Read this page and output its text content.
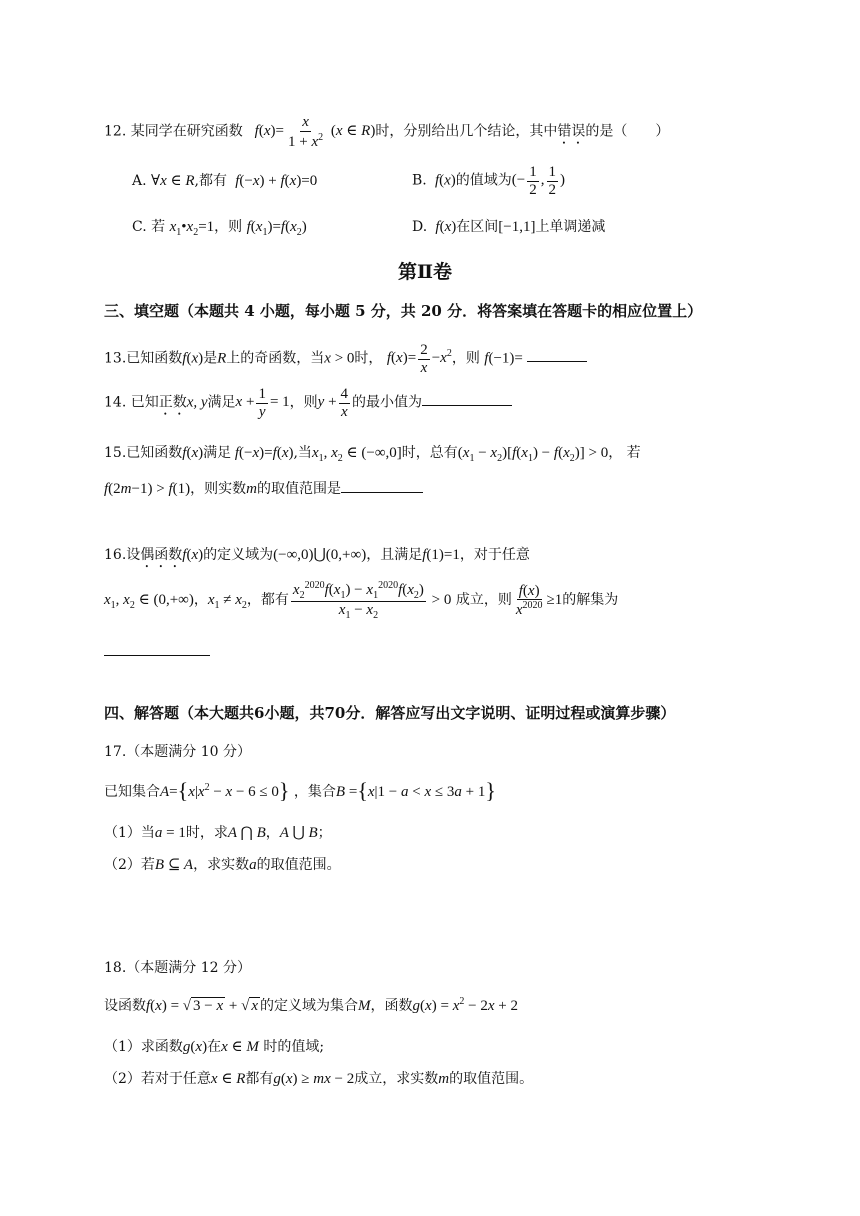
12. 某同学在研究函数   $f(x)= \frac{x}{1 + x^2} (x$ ∈ R)时，分别给出几个结论，其中错误的是（　　）
A. ∀x ∈ R,都有  f(−x) + f(x)=0	B.  f(x)的值域为(− $\frac{1}{2}$ , $\frac{1}{2}$ )
C. 若 $x_1•x_2=1$，则 $f(x_1)=f(x_2)$	D.  f(x)在区间[−1,1]上单调递减
第Ⅱ卷
三、填空题（本题共 4 小题，每小题 5 分，共 20 分．将答案填在答题卡的相应位置上）
13.已知函数f(x)是R上的奇函数，当x > 0时， $f(x)= \frac{2}{x} -x^2$，则 f(−1)=
14. 已知正数x, y满足$x + \frac{1}{y} = 1$，则$y + \frac{4}{x}$ 的最小值为
15.已知函数f(x)满足 f(−x)=f(x),当$x_1$, $x_2$ ∈ (−∞,0]时，总有$(x_1 - x_2)[f(x_1) - f(x_2)] > 0$， 若
f(2m−1) > f(1)，则实数m的取值范围是
16.设偶函数f(x)的定义域为(−∞,0)⋃(0,+∞)，且满足f(1)=1，对于任意
$x_1$, $x_2$ ∈ (0,+∞)，$x_1 \ne x_2$，都有 $\frac{x_2^{2020}f(x_1) - x_1^{2020}f(x_2)}{x_1 - x_2} > 0$ 成立，则 $\frac{f(x)}{x^{2020}} \ge 1$的解集为
四、解答题（本大题共6小题，共70分．解答应写出文字说明、证明过程或演算步骤）
17.（本题满分 10 分）
已知集合$A=\{x|x^2 - x - 6 \le 0\}$ ，集合B ={x|1 − a < x ≤ 3a + 1}
（1）当a = 1时，求A ⋂ B，A ⋃ B；
（2）若B ⊆ A，求实数a的取值范围。
18.（本题满分 12 分）
设函数f(x) = √ 3 − x + √ x 的定义域为集合M，函数$g(x) = x^2 - 2x + 2$
（1）求函数g(x)在x ∈ M 时的值域;
（2）若对于任意x ∈ R都有g(x) ≥ mx − 2成立，求实数m的取值范围。
